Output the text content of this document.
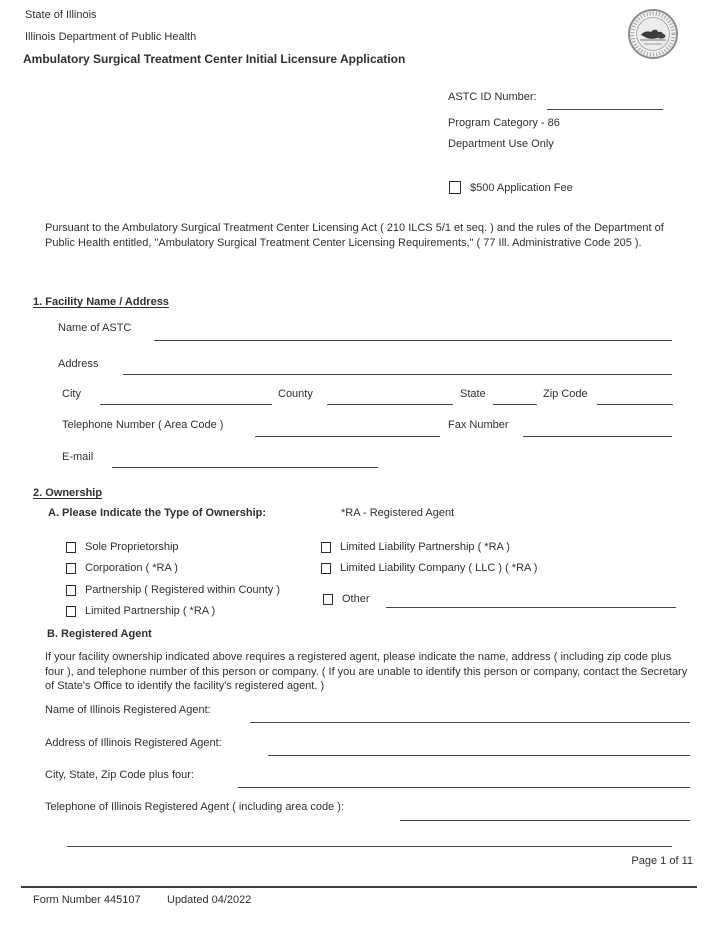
State of Illinois
Illinois Department of Public Health
Ambulatory Surgical Treatment Center Initial Licensure Application
ASTC ID Number:
Program Category - 86
Department Use Only
$500 Application Fee
Pursuant to the Ambulatory Surgical Treatment Center Licensing Act ( 210 ILCS 5/1 et seq. ) and the rules of the Department of Public Health entitled, "Ambulatory Surgical Treatment Center Licensing Requirements," ( 77 Ill. Administrative Code 205 ).
1. Facility Name / Address
Name of ASTC
Address
City	County	State	Zip Code
Telephone Number ( Area Code )	Fax Number
E-mail
2. Ownership
A. Please Indicate the Type of Ownership:	*RA - Registered Agent
Sole Proprietorship
Corporation ( *RA )
Partnership ( Registered within County )
Limited Partnership ( *RA )
Limited Liability Partnership ( *RA )
Limited Liability Company ( LLC ) ( *RA )
Other
B. Registered Agent
If your facility ownership indicated above requires a registered agent, please indicate the name, address ( including zip code plus four ), and telephone number of this person or company. ( If you are unable to identify this person or company, contact the Secretary of State's Office to identify the facility's registered agent. )
Name of Illinois Registered Agent:
Address of Illinois Registered Agent:
City, State, Zip Code plus four:
Telephone of Illinois Registered Agent ( including area code ):
Page 1 of 11
Form Number 445107 Updated 04/2022
